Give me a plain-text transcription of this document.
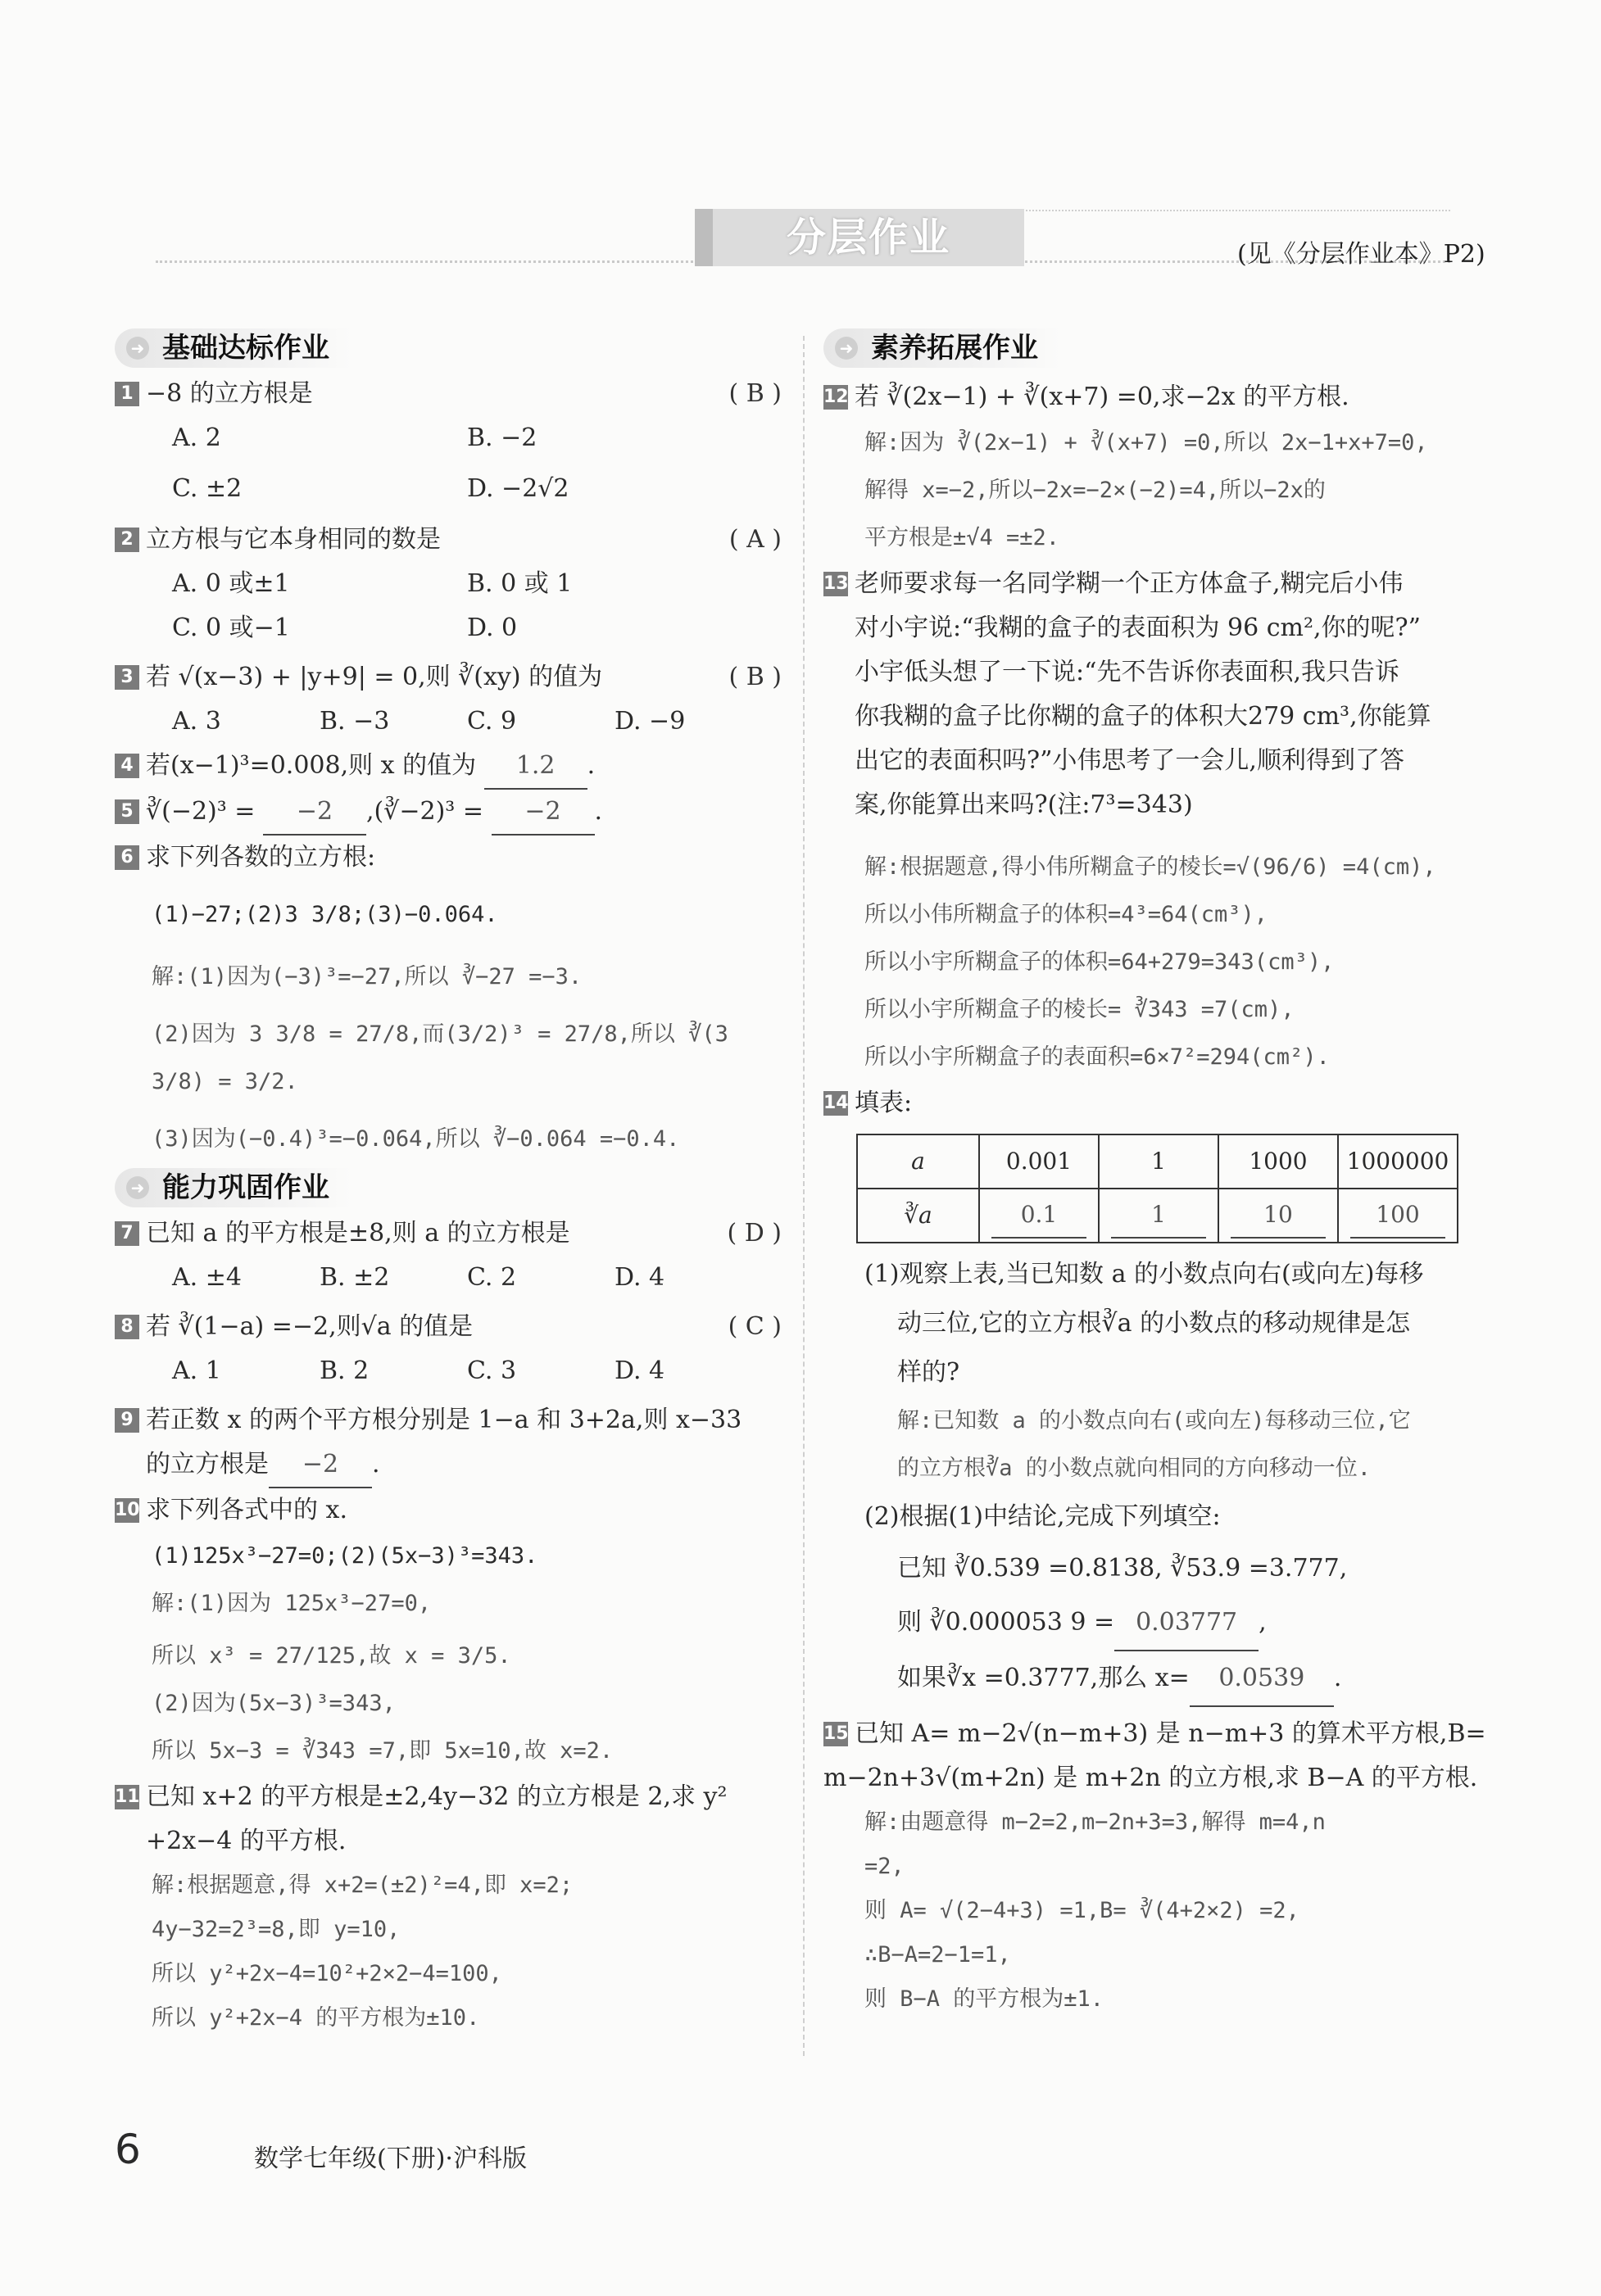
分层作业	(见《分层作业本》P2)
➜ 基础达标作业
1 −8 的立方根是	( B )
A. 2	B. −2
C. ±2	D. −2√2
2 立方根与它本身相同的数是	( A )
A. 0 或±1	B. 0 或 1
C. 0 或−1	D. 0
3 若 √(x−3) + |y+9| = 0,则 ∛(xy) 的值为	( B )
A. 3	B. −3	C. 9	D. −9
4 若(x−1)³=0.008,则 x 的值为 1.2 .
5 ∛(−2)³ = −2 ,(∛−2)³ = −2 .
6 求下列各数的立方根:
(1)−27;(2)3 3/8;(3)−0.064.
解:(1)因为(−3)³=−27,所以 ∛−27 =−3.
(2)因为 3 3/8 = 27/8,而(3/2)³ = 27/8,所以 ∛(3 3/8) = 3/2.
(3)因为(−0.4)³=−0.064,所以 ∛−0.064 =−0.4.
➜ 能力巩固作业
7 已知 a 的平方根是±8,则 a 的立方根是	( D )
A. ±4	B. ±2	C. 2	D. 4
8 若 ∛(1−a) =−2,则√a 的值是	( C )
A. 1	B. 2	C. 3	D. 4
9 若正数 x 的两个平方根分别是 1−a 和 3+2a,则 x−33
的立方根是 −2 .
10 求下列各式中的 x.
(1)125x³−27=0;(2)(5x−3)³=343.
解:(1)因为 125x³−27=0,
所以 x³ = 27/125,故 x = 3/5.
(2)因为(5x−3)³=343,
所以 5x−3 = ∛343 =7,即 5x=10,故 x=2.
11 已知 x+2 的平方根是±2,4y−32 的立方根是 2,求 y²
+2x−4 的平方根.
解:根据题意,得 x+2=(±2)²=4,即 x=2;
4y−32=2³=8,即 y=10,
所以 y²+2x−4=10²+2×2−4=100,
所以 y²+2x−4 的平方根为±10.
➜ 素养拓展作业
12 若 ∛(2x−1) + ∛(x+7) =0,求−2x 的平方根.
解:因为 ∛(2x−1) + ∛(x+7) =0,所以 2x−1+x+7=0,
解得 x=−2,所以−2x=−2×(−2)=4,所以−2x的
平方根是±√4 =±2.
13 老师要求每一名同学糊一个正方体盒子,糊完后小伟
对小宇说:“我糊的盒子的表面积为 96 cm²,你的呢?”
小宇低头想了一下说:“先不告诉你表面积,我只告诉
你我糊的盒子比你糊的盒子的体积大279 cm³,你能算
出它的表面积吗?”小伟思考了一会儿,顺利得到了答
案,你能算出来吗?(注:7³=343)
解:根据题意,得小伟所糊盒子的棱长=√(96/6) =4(cm),
所以小伟所糊盒子的体积=4³=64(cm³),
所以小宇所糊盒子的体积=64+279=343(cm³),
所以小宇所糊盒子的棱长= ∛343 =7(cm),
所以小宇所糊盒子的表面积=6×7²=294(cm²).
14 填表:
a	0.001	1	1000	1000000
∛a	0.1	1	10	100
(1)观察上表,当已知数 a 的小数点向右(或向左)每移
动三位,它的立方根∛a 的小数点的移动规律是怎
样的?
解:已知数 a 的小数点向右(或向左)每移动三位,它
的立方根∛a 的小数点就向相同的方向移动一位.
(2)根据(1)中结论,完成下列填空:
已知 ∛0.539 =0.8138, ∛53.9 =3.777,
则 ∛0.000053 9 = 0.03777 ,
如果∛x =0.3777,那么 x= 0.0539 .
15 已知 A= m−2√(n−m+3) 是 n−m+3 的算术平方根,B=
m−2n+3√(m+2n) 是 m+2n 的立方根,求 B−A 的平方根.
解:由题意得 m−2=2,m−2n+3=3,解得 m=4,n
=2,
则 A= √(2−4+3) =1,B= ∛(4+2×2) =2,
∴B−A=2−1=1,
则 B−A 的平方根为±1.
6	数学七年级(下册)·沪科版
